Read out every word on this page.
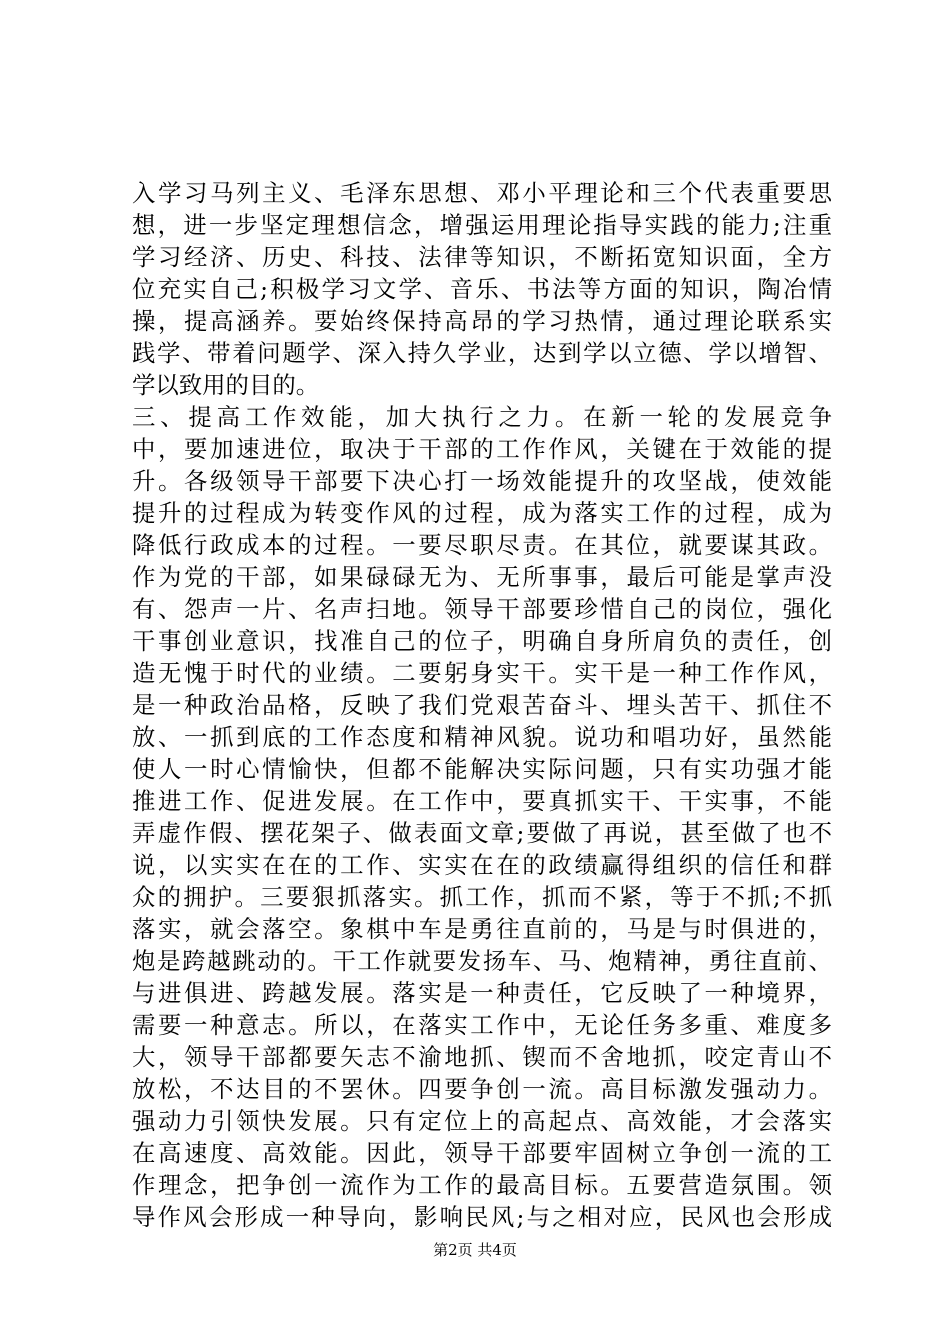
入学习马列主义、毛泽东思想、邓小平理论和三个代表重要思
想，进一步坚定理想信念，增强运用理论指导实践的能力;注重
学习经济、历史、科技、法律等知识，不断拓宽知识面，全方
位充实自己;积极学习文学、音乐、书法等方面的知识，陶冶情
操，提高涵养。要始终保持高昂的学习热情，通过理论联系实
践学、带着问题学、深入持久学业，达到学以立德、学以增智、
学以致用的目的。
三、提高工作效能，加大执行之力。在新一轮的发展竞争
中，要加速进位，取决于干部的工作作风，关键在于效能的提
升。各级领导干部要下决心打一场效能提升的攻坚战，使效能
提升的过程成为转变作风的过程，成为落实工作的过程，成为
降低行政成本的过程。一要尽职尽责。在其位，就要谋其政。
作为党的干部，如果碌碌无为、无所事事，最后可能是掌声没
有、怨声一片、名声扫地。领导干部要珍惜自己的岗位，强化
干事创业意识，找准自己的位子，明确自身所肩负的责任，创
造无愧于时代的业绩。二要躬身实干。实干是一种工作作风，
是一种政治品格，反映了我们党艰苦奋斗、埋头苦干、抓住不
放、一抓到底的工作态度和精神风貌。说功和唱功好，虽然能
使人一时心情愉快，但都不能解决实际问题，只有实功强才能
推进工作、促进发展。在工作中，要真抓实干、干实事，不能
弄虚作假、摆花架子、做表面文章;要做了再说，甚至做了也不
说，以实实在在的工作、实实在在的政绩赢得组织的信任和群
众的拥护。三要狠抓落实。抓工作，抓而不紧，等于不抓;不抓
落实，就会落空。象棋中车是勇往直前的，马是与时俱进的，
炮是跨越跳动的。干工作就要发扬车、马、炮精神，勇往直前、
与进俱进、跨越发展。落实是一种责任，它反映了一种境界，
需要一种意志。所以，在落实工作中，无论任务多重、难度多
大，领导干部都要矢志不渝地抓、锲而不舍地抓，咬定青山不
放松，不达目的不罢休。四要争创一流。高目标激发强动力。
强动力引领快发展。只有定位上的高起点、高效能，才会落实
在高速度、高效能。因此，领导干部要牢固树立争创一流的工
作理念，把争创一流作为工作的最高目标。五要营造氛围。领
导作风会形成一种导向，影响民风;与之相对应，民风也会形成
第2页 共4页
